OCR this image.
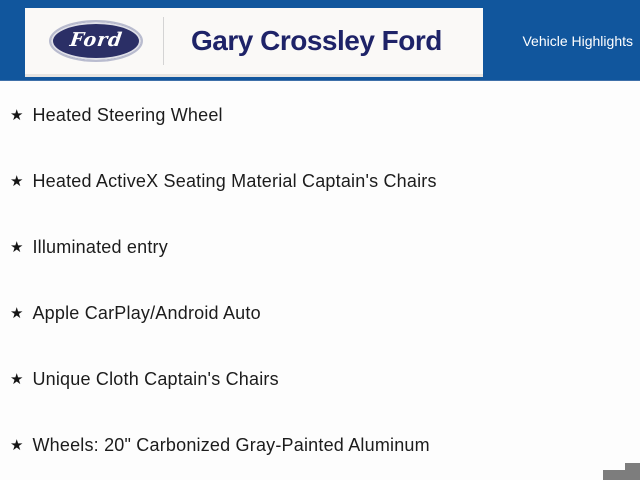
Ford Gary Crossley Ford	Vehicle Highlights
★ Heated Steering Wheel
★ Heated ActiveX Seating Material Captain's Chairs
★ Illuminated entry
★ Apple CarPlay/Android Auto
★ Unique Cloth Captain's Chairs
★ Wheels: 20" Carbonized Gray-Painted Aluminum
